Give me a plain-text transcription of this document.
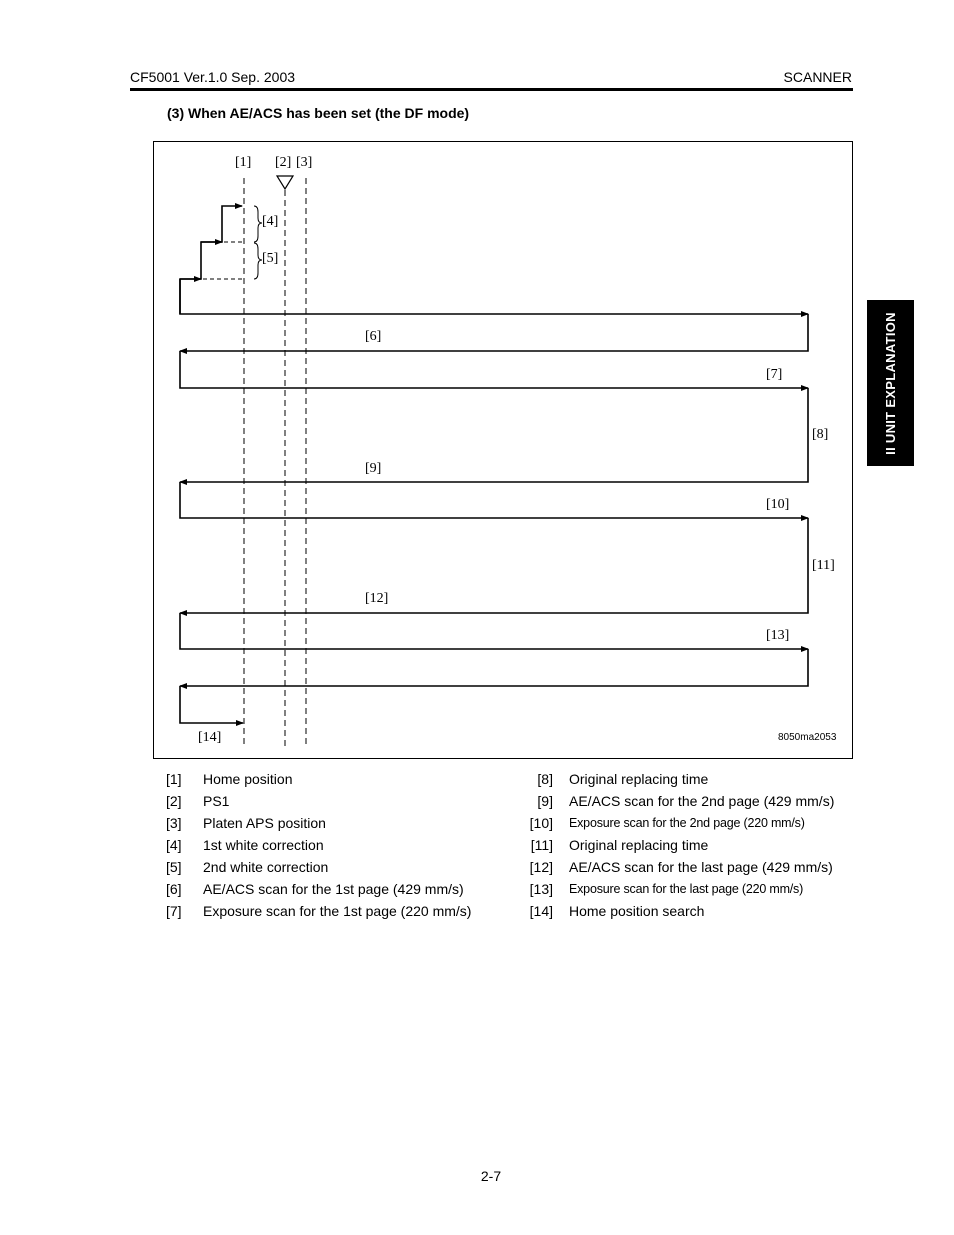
CF5001 Ver.1.0 Sep. 2003	SCANNER
(3) When AE/ACS has been set (the DF mode)
II UNIT EXPLANATION
[1] [2] [3]
[4]
[5]
[6]
[7]
[8]
[9]
[10]
[11]
[12]
[13]
[14]	8050ma2053
[1]	Home position
[2]	PS1
[3]	Platen APS position
[4]	1st white correction
[5]	2nd white correction
[6]	AE/ACS scan for the 1st page (429 mm/s)
[7]	Exposure scan for the 1st page (220 mm/s)
[8] Original replacing time
[9] AE/ACS scan for the 2nd page (429 mm/s)
[10] Exposure scan for the 2nd page (220 mm/s)
[11] Original replacing time
[12] AE/ACS scan for the last page (429 mm/s)
[13] Exposure scan for the last page (220 mm/s)
[14] Home position search
2-7
